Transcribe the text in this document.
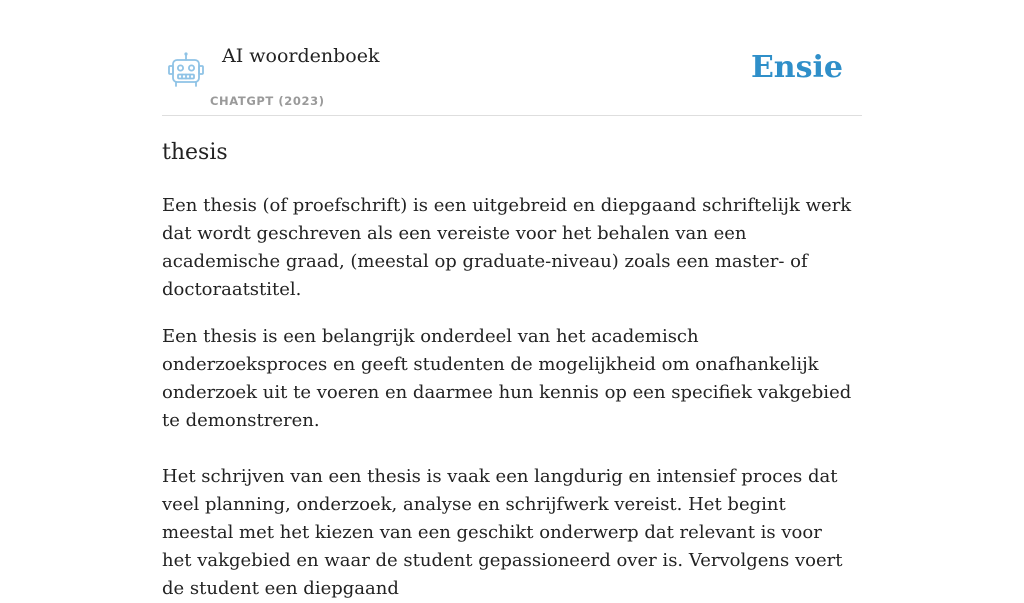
AI woordenboek
CHATGPT (2023)
Ensie
thesis

Een thesis (of proefschrift) is een uitgebreid en diepgaand schriftelijk werk dat wordt geschreven als een vereiste voor het behalen van een academische graad, (meestal op graduate-niveau) zoals een master- of doctoraatstitel.

Een thesis is een belangrijk onderdeel van het academisch onderzoeksproces en geeft studenten de mogelijkheid om onafhankelijk onderzoek uit te voeren en daarmee hun kennis op een specifiek vakgebied te demonstreren.

Het schrijven van een thesis is vaak een langdurig en intensief proces dat veel planning, onderzoek, analyse en schrijfwerk vereist. Het begint meestal met het kiezen van een geschikt onderwerp dat relevant is voor het vakgebied en waar de student gepassioneerd over is. Vervolgens voert de student een diepgaand
